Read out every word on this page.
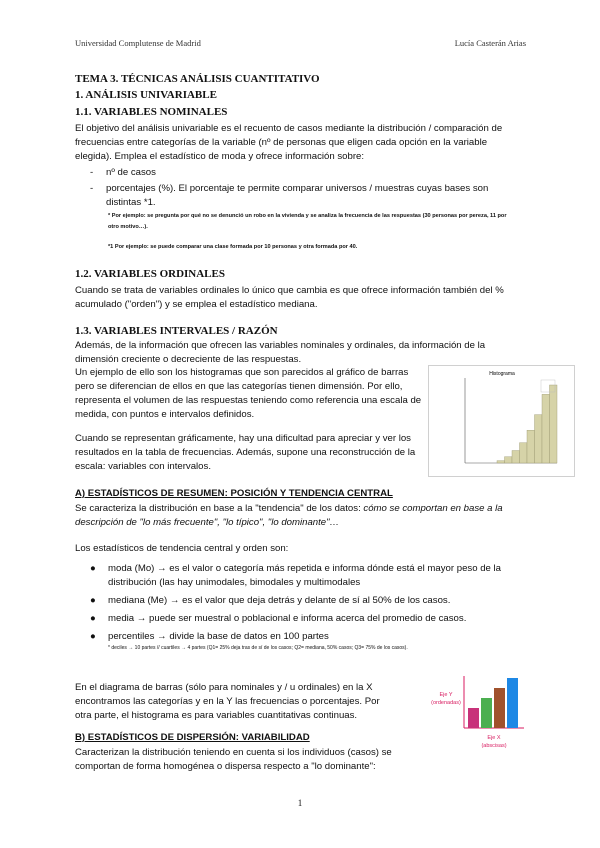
Universidad Complutense de Madrid	Lucía Casterán Arias
TEMA 3. TÉCNICAS ANÁLISIS CUANTITATIVO
1. ANÁLISIS UNIVARIABLE
1.1. VARIABLES NOMINALES
El objetivo del análisis univariable es el recuento de casos mediante la distribución / comparación de frecuencias entre categorías de la variable (nº de personas que eligen cada opción en la variable elegida). Emplea el estadístico de moda y ofrece información sobre:
- nº de casos
- porcentajes (%). El porcentaje te permite comparar universos / muestras cuyas bases son distintas *1.
* Por ejemplo: se pregunta por qué no se denunció un robo en la vivienda y se analiza la frecuencia de las respuestas (30 personas por pereza, 11 por otro motivo…).
*1 Por ejemplo: se puede comparar una clase formada por 10 personas y otra formada por 40.
1.2. VARIABLES ORDINALES
Cuando se trata de variables ordinales lo único que cambia es que ofrece información también del % acumulado ("orden") y se emplea el estadístico mediana.
1.3. VARIABLES INTERVALES / RAZÓN
Además, de la información que ofrecen las variables nominales y ordinales, da información de la dimensión creciente o decreciente de las respuestas.
Un ejemplo de ello son los histogramas que son parecidos al gráfico de barras pero se diferencian de ellos en que las categorías tienen dimensión. Por ello, representa el volumen de las respuestas teniendo como referencia una escala de medida, con puntos e intervalos definidos.
Cuando se representan gráficamente, hay una dificultad para apreciar y ver los resultados en la tabla de frecuencias. Además, supone una reconstrucción de la escala: variables con intervalos.
Histograma
A) ESTADÍSTICOS DE RESUMEN: POSICIÓN Y TENDENCIA CENTRAL
Se caracteriza la distribución en base a la "tendencia" de los datos: cómo se comportan en base a la descripción de "lo más frecuente", "lo típico", "lo dominante"…
Los estadísticos de tendencia central y orden son:
● moda (Mo) → es el valor o categoría más repetida e informa dónde está el mayor peso de la distribución (las hay unimodales, bimodales y multimodales
● mediana (Me) → es el valor que deja detrás y delante de sí al 50% de los casos.
● media → puede ser muestral o poblacional e informa acerca del promedio de casos.
● percentiles → divide la base de datos en 100 partes
* deciles → 10 partes // cuartiles → 4 partes (Q1= 25% deja tras de sí de los casos; Q2= mediana, 50% casos; Q3= 75% de los casos).
En el diagrama de barras (sólo para nominales y / u ordinales) en la X encontramos las categorías y en la Y las frecuencias o porcentajes. Por otra parte, el histograma es para variables cuantitativas continuas.
Eje Y
(ordenadas)
Eje X
(abscisas)
B) ESTADÍSTICOS DE DISPERSIÓN: VARIABILIDAD
Caracterizan la distribución teniendo en cuenta si los individuos (casos) se comportan de forma homogénea o dispersa respecto a "lo dominante":
1
